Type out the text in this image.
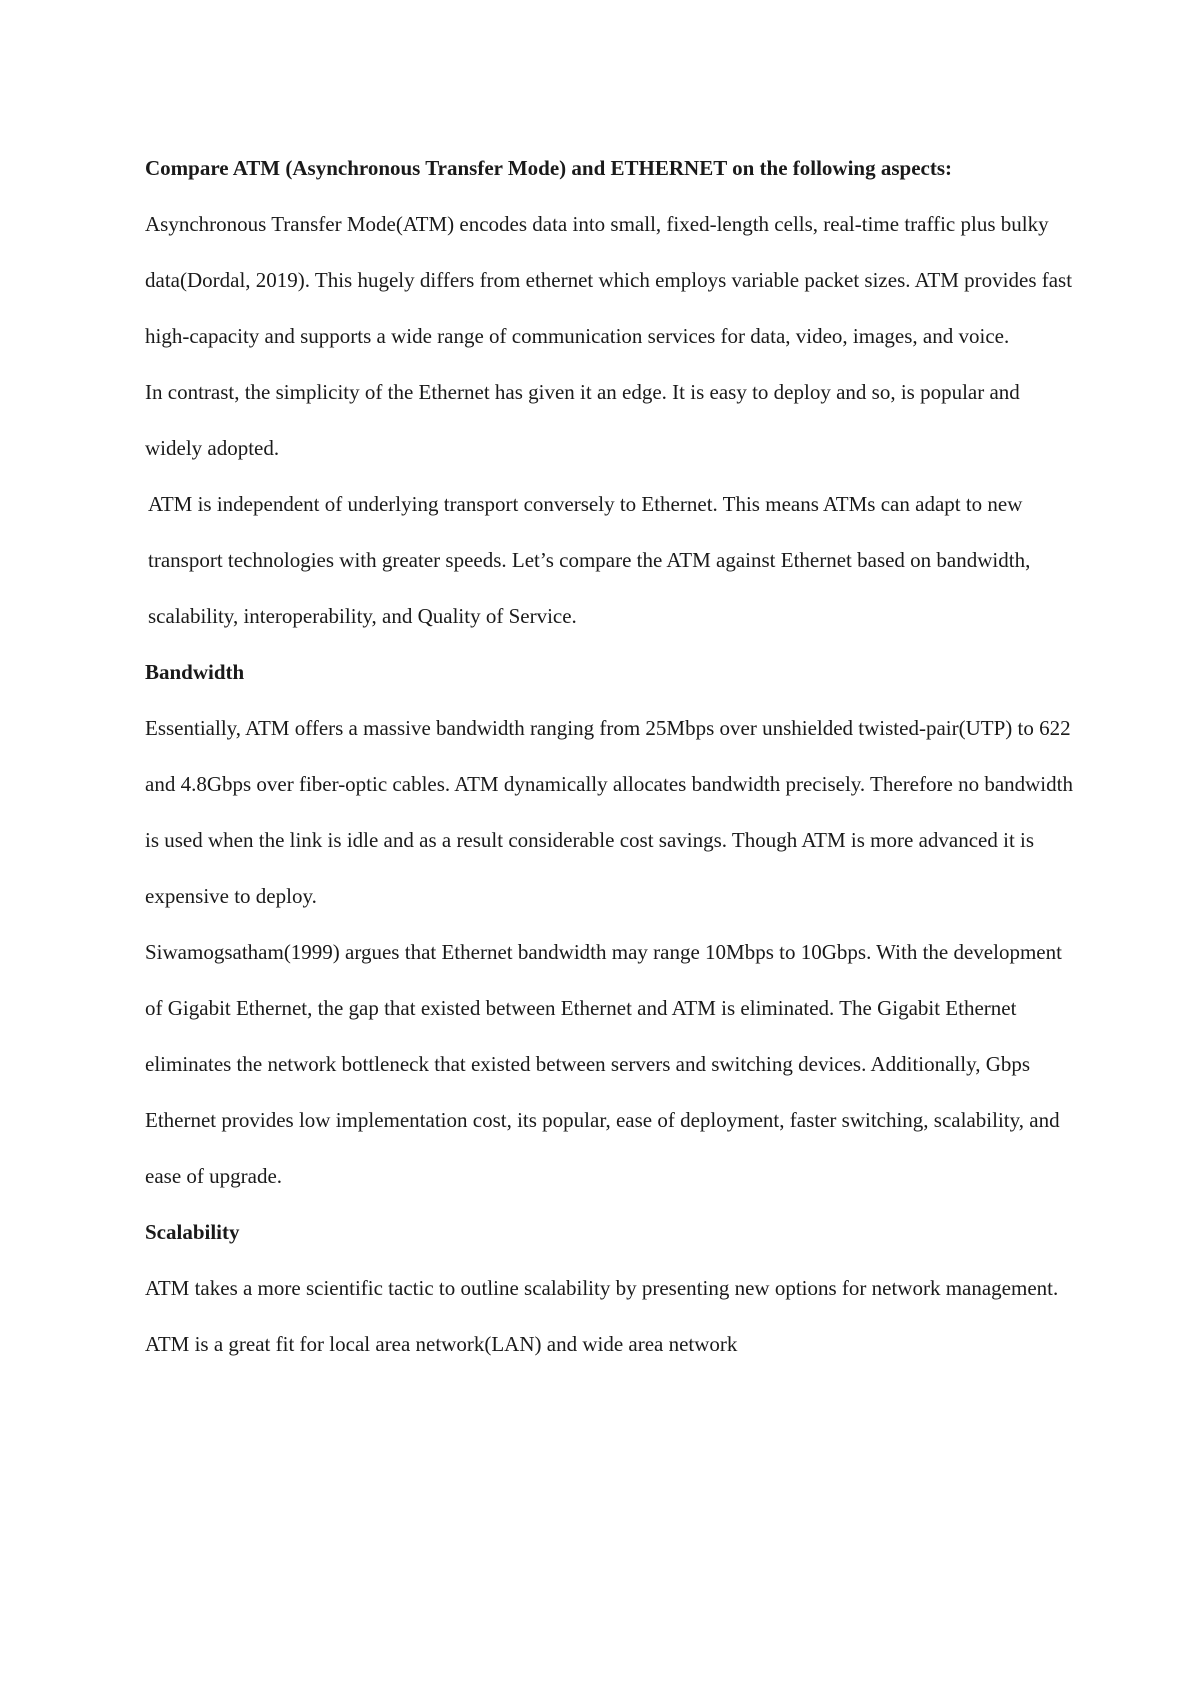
Compare ATM (Asynchronous Transfer Mode) and ETHERNET on the following aspects:

Asynchronous Transfer Mode(ATM) encodes data into small, fixed-length cells, real-time traffic plus bulky data(Dordal, 2019). This hugely differs from ethernet which employs variable packet sizes. ATM provides fast high-capacity and supports a wide range of communication services for data, video, images, and voice.

In contrast, the simplicity of the Ethernet has given it an edge. It is easy to deploy and so, is popular and widely adopted.

ATM is independent of underlying transport conversely to Ethernet. This means ATMs can adapt to new transport technologies with greater speeds. Let’s compare the ATM against Ethernet based on bandwidth, scalability, interoperability, and Quality of Service.

Bandwidth

Essentially, ATM offers a massive bandwidth ranging from 25Mbps over unshielded twisted-pair(UTP) to 622 and 4.8Gbps over fiber-optic cables. ATM dynamically allocates bandwidth precisely. Therefore no bandwidth is used when the link is idle and as a result considerable cost savings. Though ATM is more advanced it is expensive to deploy.

Siwamogsatham(1999) argues that Ethernet bandwidth may range 10Mbps to 10Gbps. With the development of Gigabit Ethernet, the gap that existed between Ethernet and ATM is eliminated. The Gigabit Ethernet eliminates the network bottleneck that existed between servers and switching devices. Additionally, Gbps Ethernet provides low implementation cost, its popular, ease of deployment, faster switching, scalability, and ease of upgrade.

Scalability

ATM takes a more scientific tactic to outline scalability by presenting new options for network management. ATM is a great fit for local area network(LAN) and wide area network
